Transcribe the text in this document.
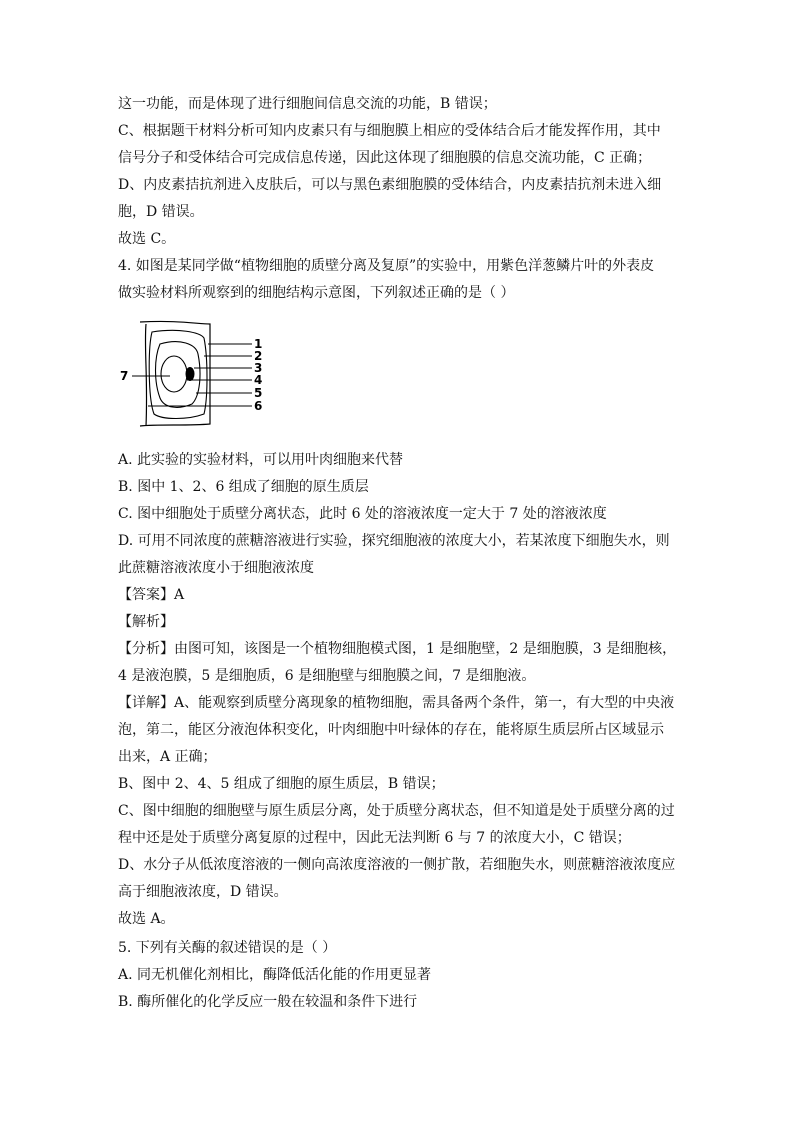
这一功能，而是体现了进行细胞间信息交流的功能，B 错误；
C、根据题干材料分析可知内皮素只有与细胞膜上相应的受体结合后才能发挥作用，其中
信号分子和受体结合可完成信息传递，因此这体现了细胞膜的信息交流功能，C 正确；
D、内皮素拮抗剂进入皮肤后，可以与黑色素细胞膜的受体结合，内皮素拮抗剂未进入细
胞，D 错误。
故选 C。
4. 如图是某同学做“植物细胞的质壁分离及复原”的实验中，用紫色洋葱鳞片叶的外表皮
做实验材料所观察到的细胞结构示意图，下列叙述正确的是（ ）
1
2
3
4
5
6
7
A. 此实验的实验材料，可以用叶肉细胞来代替
B. 图中 1、2、6 组成了细胞的原生质层
C. 图中细胞处于质壁分离状态，此时 6 处的溶液浓度一定大于 7 处的溶液浓度
D. 可用不同浓度的蔗糖溶液进行实验，探究细胞液的浓度大小，若某浓度下细胞失水，则
此蔗糖溶液浓度小于细胞液浓度
【答案】A
【解析】
【分析】由图可知，该图是一个植物细胞模式图，1 是细胞壁，2 是细胞膜，3 是细胞核，
4 是液泡膜，5 是细胞质，6 是细胞壁与细胞膜之间，7 是细胞液。
【详解】A、能观察到质壁分离现象的植物细胞，需具备两个条件，第一，有大型的中央液
泡，第二，能区分液泡体积变化，叶肉细胞中叶绿体的存在，能将原生质层所占区域显示
出来，A 正确；
B、图中 2、4、5 组成了细胞的原生质层，B 错误；
C、图中细胞的细胞壁与原生质层分离，处于质壁分离状态，但不知道是处于质壁分离的过
程中还是处于质壁分离复原的过程中，因此无法判断 6 与 7 的浓度大小，C 错误；
D、水分子从低浓度溶液的一侧向高浓度溶液的一侧扩散，若细胞失水，则蔗糖溶液浓度应
高于细胞液浓度，D 错误。
故选 A。
5. 下列有关酶的叙述错误的是（ ）
A. 同无机催化剂相比，酶降低活化能的作用更显著
B. 酶所催化的化学反应一般在较温和条件下进行
